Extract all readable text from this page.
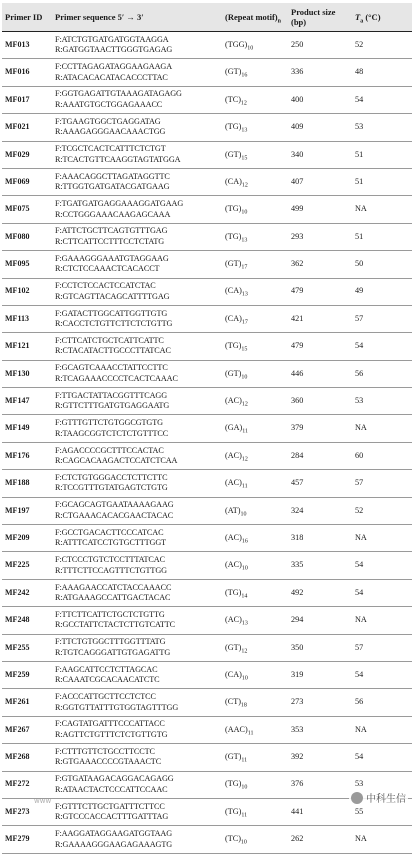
Primer ID	Primer sequence 5′ → 3′	(Repeat $motif)_n$	Product size
(bp)	$T_a$ (°C)
MF013	F:ATCTGTGATGATGGTAAGGA
R:GATGGTAACTTGGGTGAGAG	$(TGG)_{10}$	250	52
MF016	F:CCTTAGAGATAGGAAGAAGA
R:ATACACACATACACCCTTAC	$(GT)_{16}$	336	48
MF017	F:GGTGAGATTGTAAAGATAGAGG
R:AAATGTGCTGGAGAAACC	$(TC)_{12}$	400	54
MF021	F:TGAAGTGGCTGAGGATAG
R:AAAGAGGGAACAAACTGG	$(TG)_{13}$	409	53
MF029	F:TCGCTCACTCATTTCTCTGT
R:TCACTGTTCAAGGTAGTATGGA	$(GT)_{15}$	340	51
MF069	F:AAACAGGCTTAGATAGGTTC
R:TTGGTGATGATACGATGAAG	$(CA)_{12}$	407	51
MF075	F:TGATGATGAGGAAAGGATGAAG
R:CCTGGGAAACAAGAGCAAA	$(TG)_{10}$	499	NA
MF080	F:ATTCTGCTTCAGTGTTTGAG
R:CTTCATTCCTTTCCTCTATG	$(TG)_{13}$	293	51
MF095	F:GAAAGGGAAATGTAGGAAG
R:CTCTCCAAACTCACACCT	$(GT)_{17}$	362	50
MF102	F:CCTCTCCACTCCATCTAC
R:GTCAGTTACAGCATTTTGAG	$(CA)_{13}$	479	49
MF113	F:GATACTTGGCATTGGTTGTG
R:CACCTCTGTTCTTCTCTGTTG	$(CA)_{17}$	421	57
MF121	F:CTTCATCTGCTCATTCATTC
R:CTACATACTTGCCCTTATCAC	$(TG)_{15}$	479	54
MF130	F:GCAGTCAAACCTATTCCTTC
R:TCAGAAACCCCTCACTCAAAC	$(GT)_{10}$	446	56
MF147	F:TTGACTATTACGGTTTCAGG
R:GTTCTTTGATGTGAGGAATG	$(AC)_{12}$	360	53
MF149	F:GTTTGTTCTGTGGCGTGTG
R:TAAGCGGTCTCTCTGTTTCC	$(GA)_{11}$	379	NA
MF176	F:AGACCCCGCTTTCCACTAC
R:CAGCACAAGACTCCATCTCAA	$(AC)_{12}$	284	60
MF188	F:CTCTGTGGGACCTCTTCTTC
R:TCCGTTTGTATGAGTCTGTG	$(AC)_{11}$	457	57
MF197	F:GCAGCAGTGAATAAAAGAAG
R:CTGAAACACACGAACTACAC	$(AT)_{10}$	324	52
MF209	F:GCCTGACACTTCCCATCAC
R:ATTTCATCCTGTGCTTTGGT	$(AC)_{16}$	318	NA
MF225	F:CTCCCTGTCTCCTTTATCAC
R:TTTCTTCCAGTTTCTGTTGG	$(AC)_{10}$	335	54
MF242	F:AAAGAACCATCTACCAAACC
R:ATGAAAGCCATTGACTACAC	$(TG)_{14}$	492	54
MF248	F:TTCTTCATTCTGCTCTGTTG
R:GCCTATTCTACTCTTGTCATTC	$(AC)_{13}$	294	NA
MF255	F:TTCTGTGGCTTTGGTTTATG
R:TGTCAGGGATTGTGAGATTG	$(GT)_{12}$	350	57
MF259	F:AAGCATTCCTCTTAGCAC
R:CAAATCGCACAACATCTC	$(CA)_{10}$	319	54
MF261	F:ACCCATTGCTTCCTCTCC
R:GGTGTTATTTGTGGTAGTTTGG	$(CT)_{18}$	273	56
MF267	F:CAGTATGATTTCCCATTACC
R:AGTTCTGTTTCTCTGTTGTG	$(AAC)_{11}$	353	NA
MF268	F:CTTTGTTCTGCCTTCCTC
R:GTGAAACCCCGTAAACTC	$(GT)_{11}$	392	54
MF272	F:GTGATAAGACAGGACAGAGG
R:ATAACTACTCCCATTCCAAC	$(TG)_{10}$	376	53
MF273	F:GTTTCTTGCTGATTTCTTCC
R:GTCCCACCACTTTGATTTAG	$(TG)_{11}$	441	55
MF279	F:AAGGATAGGAAGATGGTAAG
R:GAAAAGGGAAGAGAAAGTG	$(TC)_{10}$	262	NA
www	中科生信
